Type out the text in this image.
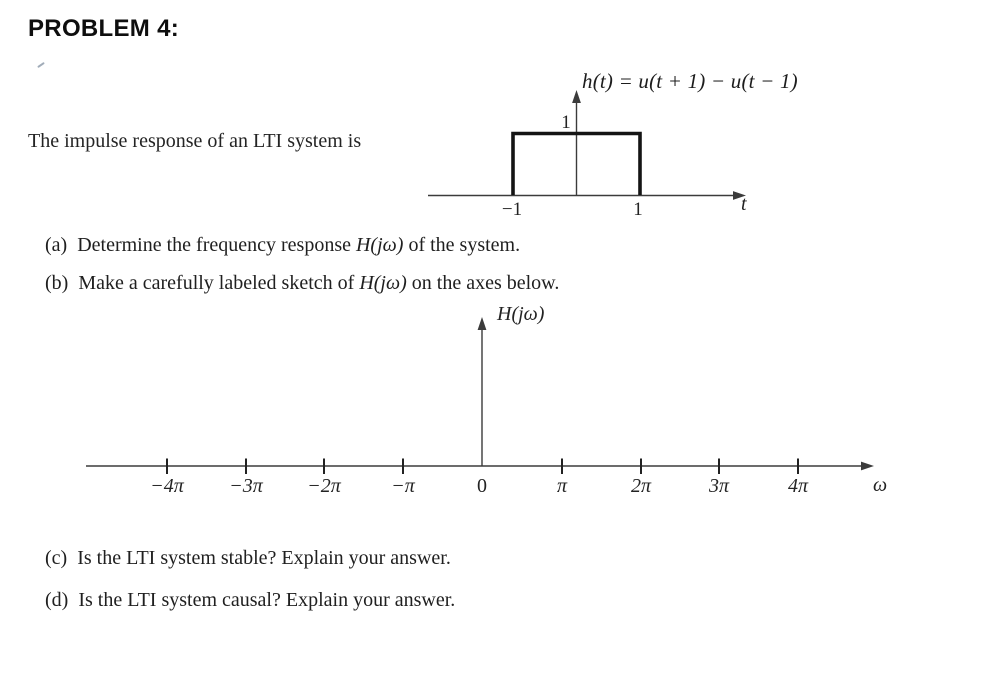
PROBLEM 4:
The impulse response of an LTI system is
h(t) = u(t + 1) − u(t − 1)
1
−1	1	t
−4π −3π −2π	−π	0	π	2π	3π	4π
H(jω)
ω
(a) Determine the frequency response H(jω) of the system.
(b) Make a carefully labeled sketch of H(jω) on the axes below.
(c) Is the LTI system stable? Explain your answer.
(d) Is the LTI system causal? Explain your answer.
